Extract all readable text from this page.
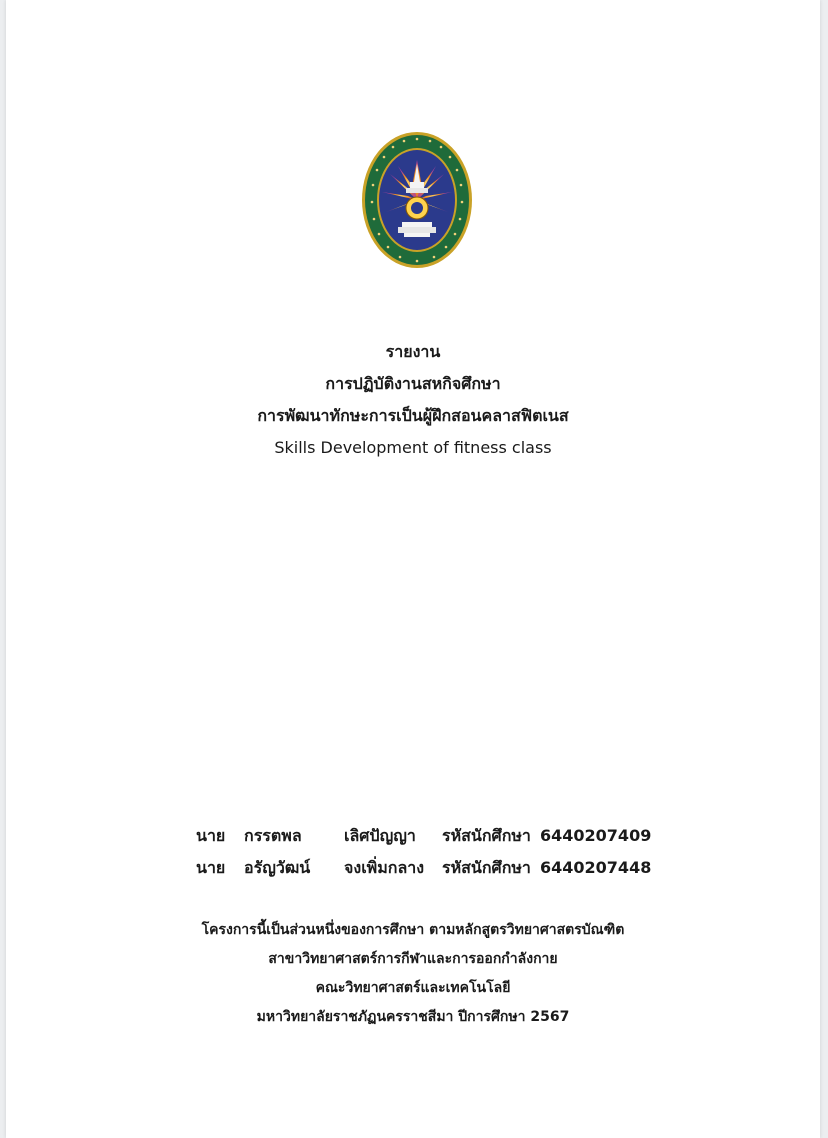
รายงาน
การปฏิบัติงานสหกิจศึกษา
การพัฒนาทักษะการเป็นผู้ฝึกสอนคลาสฟิตเนส
Skills Development of fitness class
นาย	กรรตพล	เลิศปัญญา	รหัสนักศึกษา 6440207409
นาย	อรัญวัฒน์	จงเพิ่มกลาง	รหัสนักศึกษา 6440207448
โครงการนี้เป็นส่วนหนึ่งของการศึกษา ตามหลักสูตรวิทยาศาสตรบัณฑิต
สาขาวิทยาศาสตร์การกีฬาและการออกกำลังกาย
คณะวิทยาศาสตร์และเทคโนโลยี
มหาวิทยาลัยราชภัฏนครราชสีมา ปีการศึกษา 2567
